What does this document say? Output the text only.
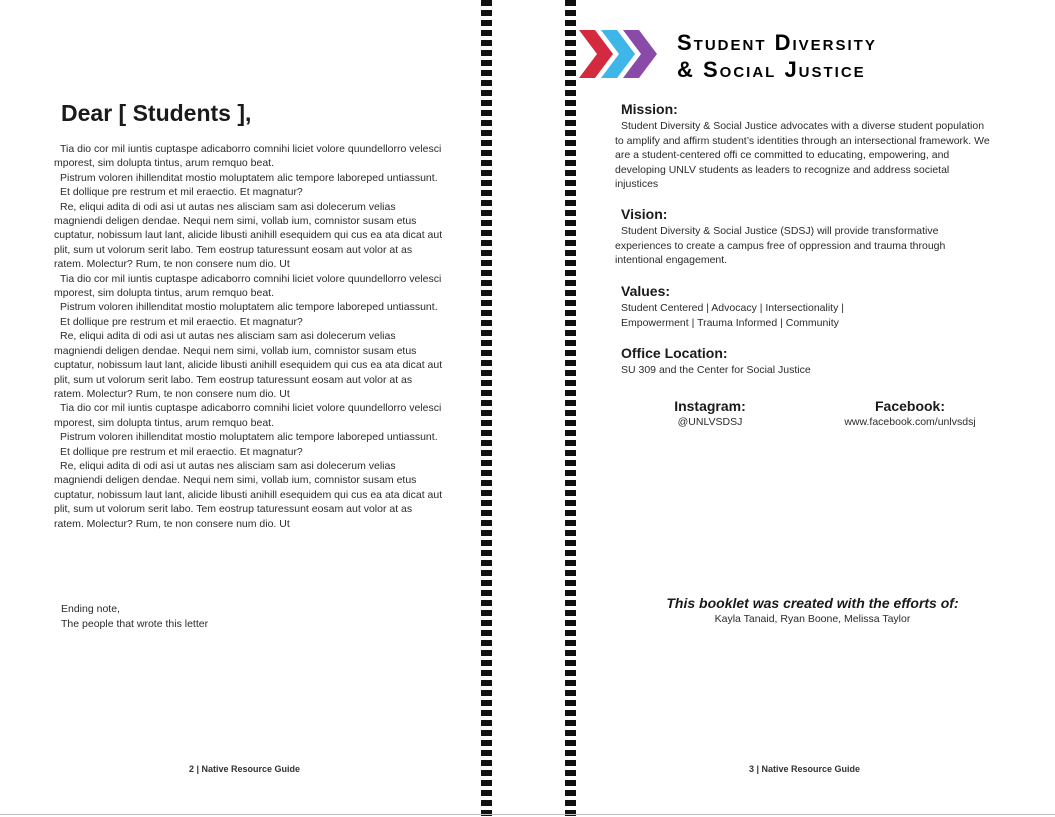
Dear [ Students ],

Tia dio cor mil iuntis cuptaspe adicaborro comnihi liciet volore quundellorro velesci mporest, sim dolupta tintus, arum remquo beat.

Pistrum voloren ihillenditat mostio moluptatem alic tempore laboreped untiassunt.

Et dollique pre restrum et mil eraectio. Et magnatur?

Re, eliqui adita di odi asi ut autas nes alisciam sam asi dolecerum velias magniendi deligen dendae. Nequi nem simi, vollab ium, comnistor susam etus cuptatur, nobissum laut lant, alicide libusti anihill esequidem qui cus ea ata dicat aut plit, sum ut volorum serit labo. Tem eostrup taturessunt eosam aut volor at as ratem. Molectur? Rum, te non consere num dio. Ut

Tia dio cor mil iuntis cuptaspe adicaborro comnihi liciet volore quundellorro velesci mporest, sim dolupta tintus, arum remquo beat.

Pistrum voloren ihillenditat mostio moluptatem alic tempore laboreped untiassunt.

Et dollique pre restrum et mil eraectio. Et magnatur?

Re, eliqui adita di odi asi ut autas nes alisciam sam asi dolecerum velias magniendi deligen dendae. Nequi nem simi, vollab ium, comnistor susam etus cuptatur, nobissum laut lant, alicide libusti anihill esequidem qui cus ea ata dicat aut plit, sum ut volorum serit labo. Tem eostrup taturessunt eosam aut volor at as ratem. Molectur? Rum, te non consere num dio. Ut

Tia dio cor mil iuntis cuptaspe adicaborro comnihi liciet volore quundellorro velesci mporest, sim dolupta tintus, arum remquo beat.

Pistrum voloren ihillenditat mostio moluptatem alic tempore laboreped untiassunt.

Et dollique pre restrum et mil eraectio. Et magnatur?

Re, eliqui adita di odi asi ut autas nes alisciam sam asi dolecerum velias magniendi deligen dendae. Nequi nem simi, vollab ium, comnistor susam etus cuptatur, nobissum laut lant, alicide libusti anihill esequidem qui cus ea ata dicat aut plit, sum ut volorum serit labo. Tem eostrup taturessunt eosam aut volor at as ratem. Molectur? Rum, te non consere num dio. Ut

Ending note,
The people that wrote this letter
2 | Native Resource Guide
Student Diversity
& Social Justice
Mission:

Student Diversity & Social Justice advocates with a diverse student population to amplify and affirm student’s identities through an intersectional framework. We are a student-centered offi ce committed to educating, empowering, and developing UNLV students as leaders to recognize and address societal injustices

Vision:

Student Diversity & Social Justice (SDSJ) will provide transformative experiences to create a campus free of oppression and trauma through intentional engagement.

Values:

Student Centered | Advocacy | Intersectionality |

Empowerment | Trauma Informed | Community

Office Location:

SU 309 and the Center for Social Justice

Instagram:
@UNLVSDSJ
Facebook:
www.facebook.com/unlvsdsj
This booklet was created with the efforts of:
Kayla Tanaid, Ryan Boone, Melissa Taylor
3 | Native Resource Guide
